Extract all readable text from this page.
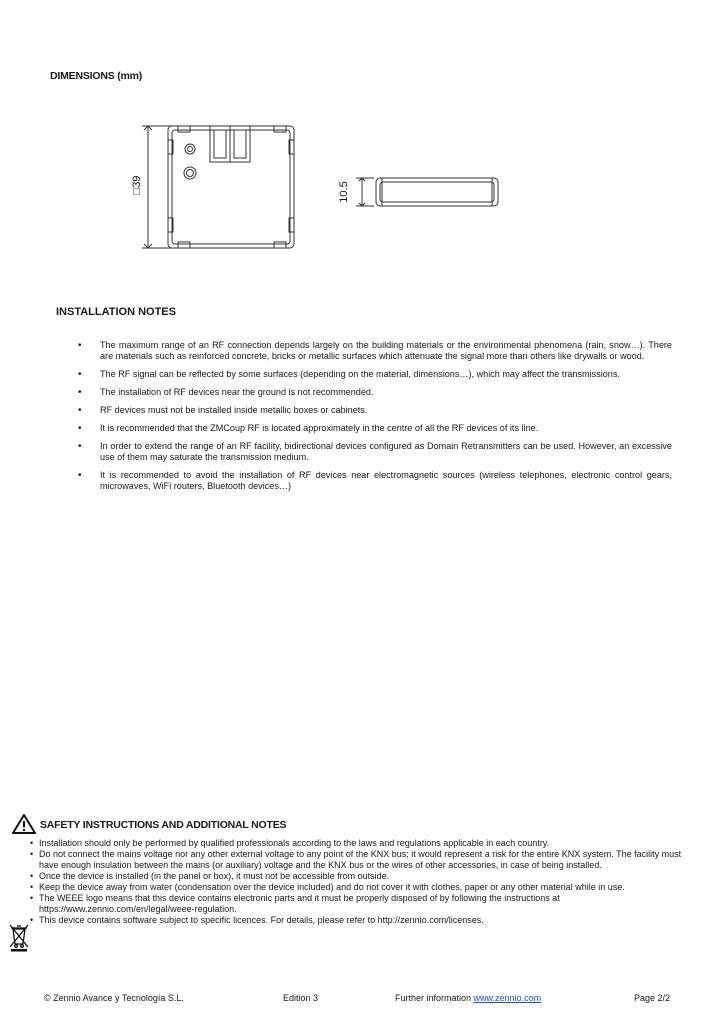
DIMENSIONS (mm)
□39	10.5
INSTALLATION NOTES
• The maximum range of an RF connection depends largely on the building materials or the environmental phenomena (rain, snow…). There are materials such as reinforced concrete, bricks or metallic surfaces which attenuate the signal more than others like drywalls or wood.
• The RF signal can be reflected by some surfaces (depending on the material, dimensions…), which may affect the transmissions.
• The installation of RF devices near the ground is not recommended.
• RF devices must not be installed inside metallic boxes or cabinets.
• It is recommended that the ZMCoup RF is located approximately in the centre of all the RF devices of its line.
• In order to extend the range of an RF facility, bidirectional devices configured as Domain Retransmitters can be used. However, an excessive use of them may saturate the transmission medium.
• It is recommended to avoid the installation of RF devices near electromagnetic sources (wireless telephones, electronic control gears, microwaves, WiFi routers, Bluetooth devices…)
SAFETY INSTRUCTIONS AND ADDITIONAL NOTES
• Installation should only be performed by qualified professionals according to the laws and regulations applicable in each country.
• Do not connect the mains voltage nor any other external voltage to any point of the KNX bus; it would represent a risk for the entire KNX system. The facility must have enough insulation between the mains (or auxiliary) voltage and the KNX bus or the wires of other accessories, in case of being installed.
• Once the device is installed (in the panel or box), it must not be accessible from outside.
• Keep the device away from water (condensation over the device included) and do not cover it with clothes, paper or any other material while in use.
• The WEEE logo means that this device contains electronic parts and it must be properly disposed of by following the instructions at https://www.zennio.com/en/legal/weee-regulation.
• This device contains software subject to specific licences. For details, please refer to http://zennio.com/licenses.
© Zennio Avance y Tecnología S.L.	Edition 3	Further information www.zennio.com	Page 2/2
